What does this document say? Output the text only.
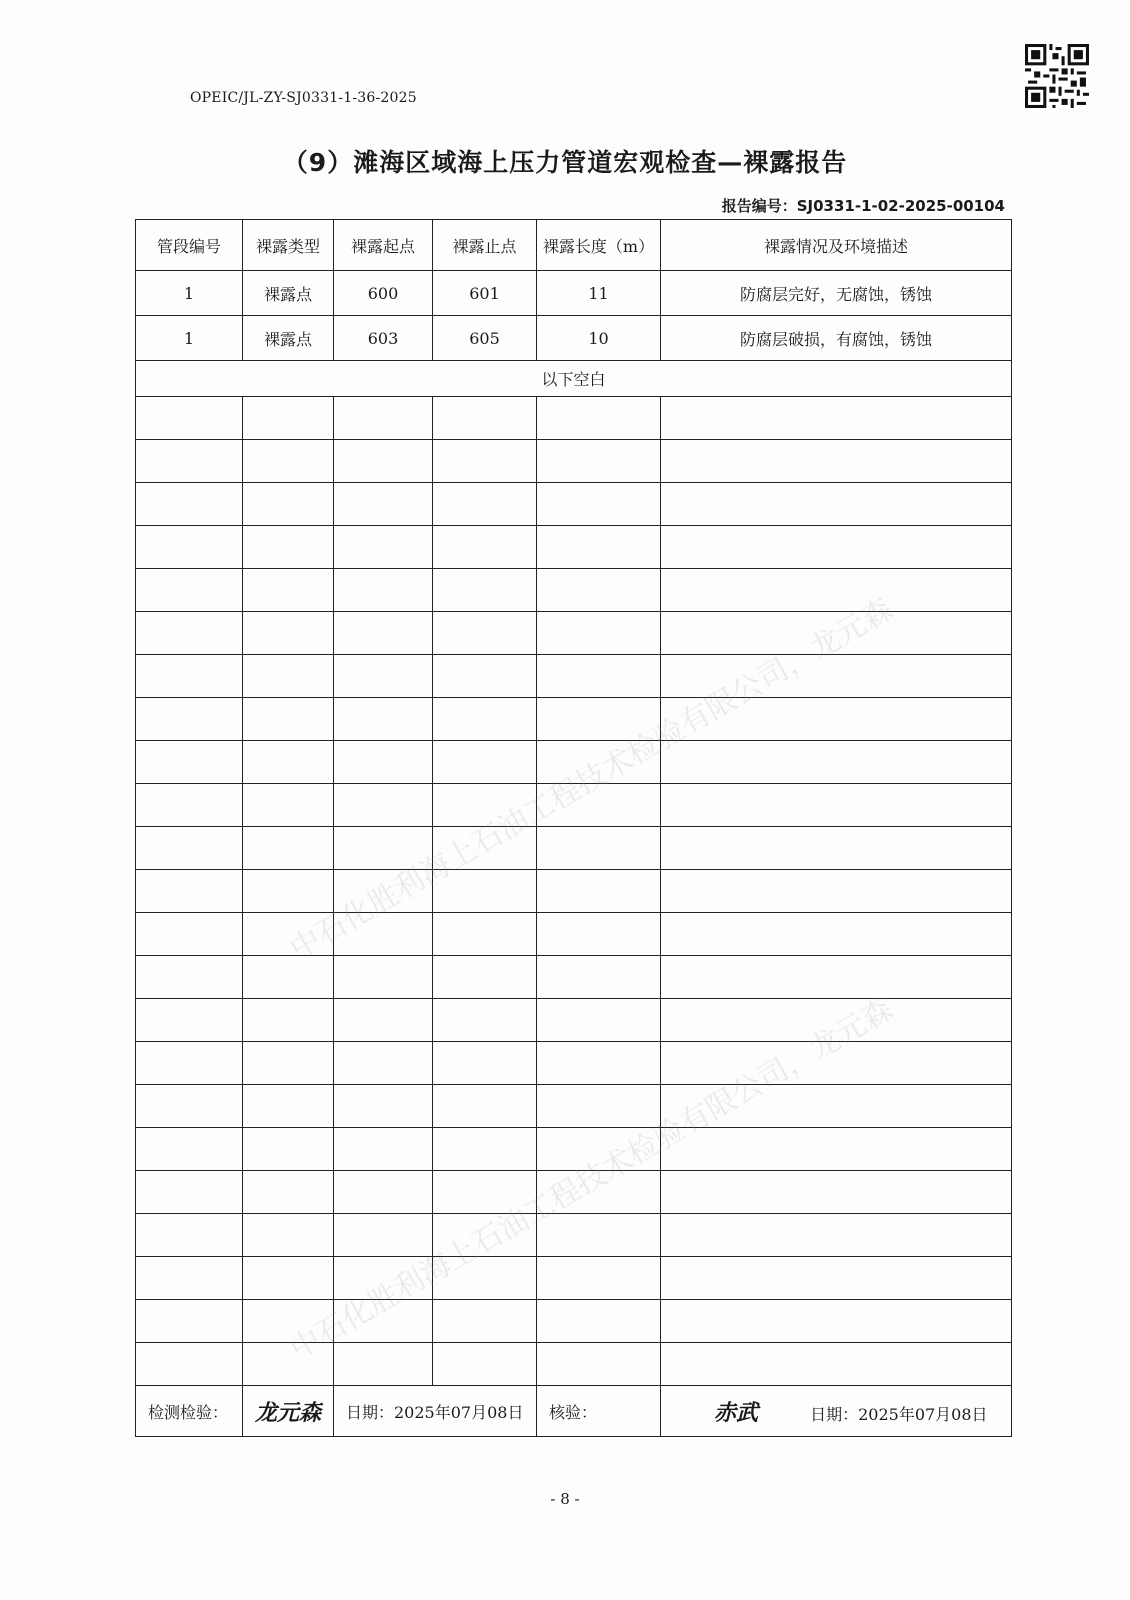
OPEIC/JL-ZY-SJ0331-1-36-2025
（9）滩海区域海上压力管道宏观检查—裸露报告
报告编号：SJ0331-1-02-2025-00104
管段编号	裸露类型	裸露起点	裸露止点	裸露长度（m）	裸露情况及环境描述
1	裸露点	600	601	11	防腐层完好，无腐蚀，锈蚀
1	裸露点	603	605	10	防腐层破损，有腐蚀，锈蚀
以下空白					

检测检验：	龙元森	日期：2025年07月08日		核验：	赤武 日期：2025年07月08日
中石化胜利海上石油工程技术检验有限公司，龙元森
中石化胜利海上石油工程技术检验有限公司，龙元森
- 8 -
